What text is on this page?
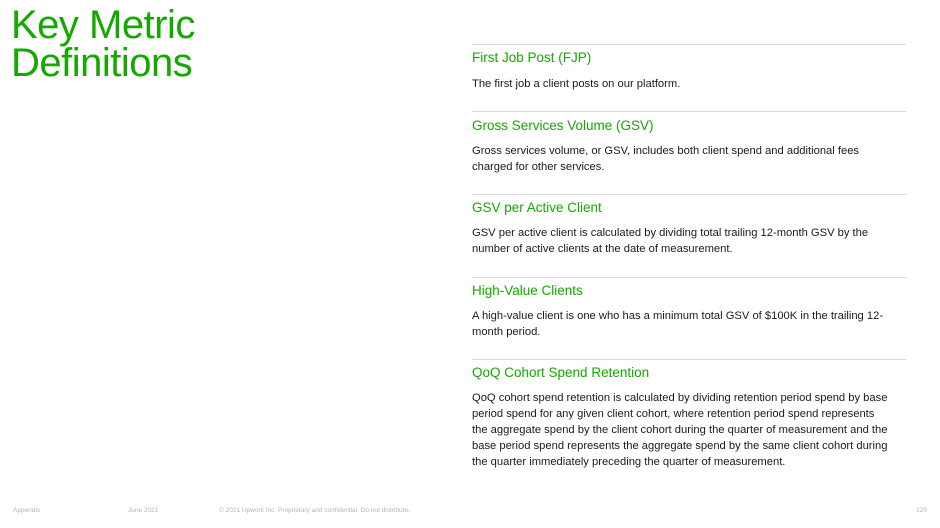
Key Metric
Definitions	First Job Post (FJP)

The first job a client posts on our platform.

Gross Services Volume (GSV)

Gross services volume, or GSV, includes both client spend and additional fees charged for other services.

GSV per Active Client

GSV per active client is calculated by dividing total trailing 12-month GSV by the number of active clients at the date of measurement.

High-Value Clients

A high-value client is one who has a minimum total GSV of $100K in the trailing 12-month period.

QoQ Cohort Spend Retention

QoQ cohort spend retention is calculated by dividing retention period spend by base period spend for any given client cohort, where retention period spend represents the aggregate spend by the client cohort during the quarter of measurement and the base period spend represents the aggregate spend by the same client cohort during the quarter immediately preceding the quarter of measurement.

Appendix	June 2021	© 2021 Upwork Inc. Proprietary and confidential. Do not distribute.	120
